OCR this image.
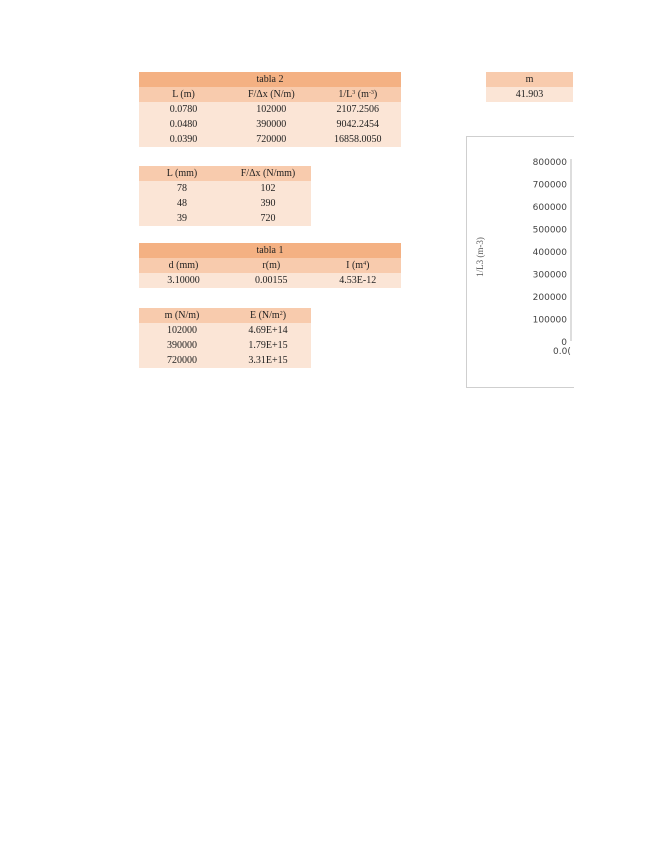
tabla 2		
L (m)	F/Δx (N/m)	$1/L^3$ $(m^{-3})$
0.0780	102000	2107.2506
0.0480	390000	9042.2454
0.0390	720000	16858.0050
L (mm)	F/Δx (N/mm)
78	102
48	390
39	720
tabla 1		
d (mm)	r(m)	I $(m^4)$
3.10000	0.00155	4.53E-12
m (N/m)	E $(N/m^2)$
102000	4.69E+14
390000	1.79E+15
720000	3.31E+15
m
41.903
1/L3 (m-3)
800000
700000
600000
500000
400000
300000
200000
100000
0
0.0(
